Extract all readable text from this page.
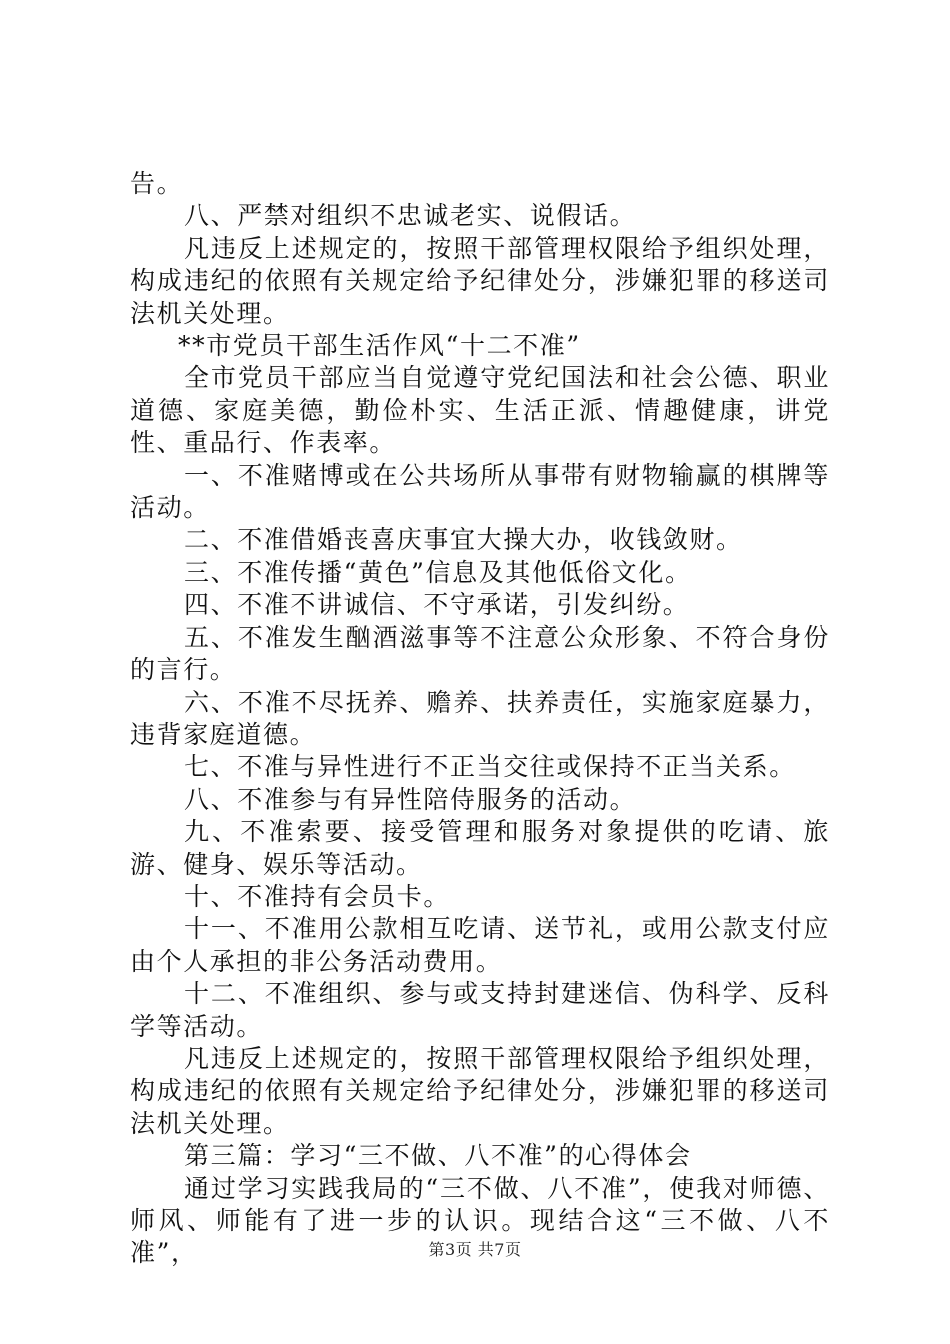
告。

八、严禁对组织不忠诚老实、说假话。

凡违反上述规定的，按照干部管理权限给予组织处理，构成违纪的依照有关规定给予纪律处分，涉嫌犯罪的移送司法机关处理。

**市党员干部生活作风“十二不准”

全市党员干部应当自觉遵守党纪国法和社会公德、职业道德、家庭美德，勤俭朴实、生活正派、情趣健康，讲党性、重品行、作表率。

一、不准赌博或在公共场所从事带有财物输赢的棋牌等活动。

二、不准借婚丧喜庆事宜大操大办，收钱敛财。

三、不准传播“黄色”信息及其他低俗文化。

四、不准不讲诚信、不守承诺，引发纠纷。

五、不准发生酗酒滋事等不注意公众形象、不符合身份的言行。

六、不准不尽抚养、赡养、扶养责任，实施家庭暴力，违背家庭道德。

七、不准与异性进行不正当交往或保持不正当关系。

八、不准参与有异性陪侍服务的活动。

九、不准索要、接受管理和服务对象提供的吃请、旅游、健身、娱乐等活动。

十、不准持有会员卡。

十一、不准用公款相互吃请、送节礼，或用公款支付应由个人承担的非公务活动费用。

十二、不准组织、参与或支持封建迷信、伪科学、反科学等活动。

凡违反上述规定的，按照干部管理权限给予组织处理，构成违纪的依照有关规定给予纪律处分，涉嫌犯罪的移送司法机关处理。

第三篇：学习“三不做、八不准”的心得体会

通过学习实践我局的“三不做、八不准”，使我对师德、师风、师能有了进一步的认识。现结合这“三不做、八不准”，	第3页 共7页
